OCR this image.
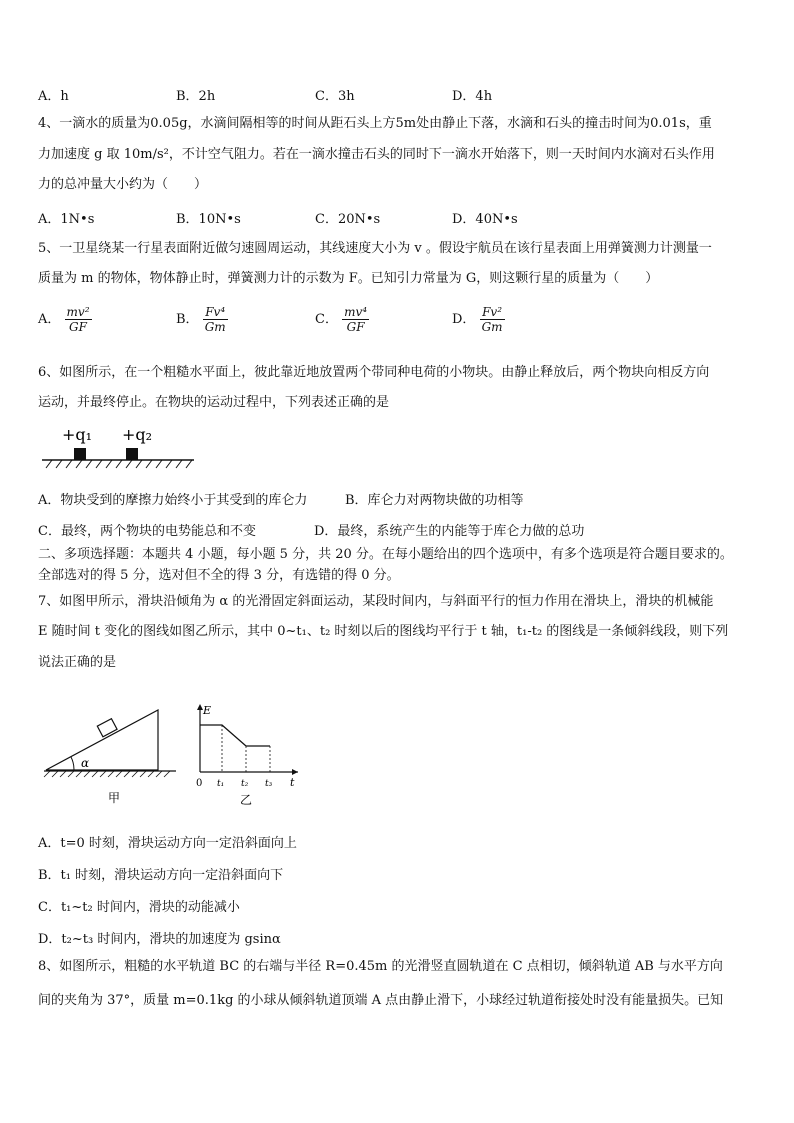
A．h	B．2h	C．3h	D．4h
4、一滴水的质量为0.05g，水滴间隔相等的时间从距石头上方5m处由静止下落，水滴和石头的撞击时间为0.01s，重
力加速度 g 取 10m/s²，不计空气阻力。若在一滴水撞击石头的同时下一滴水开始落下，则一天时间内水滴对石头作用
力的总冲量大小约为（　　）
A．1N•s	B．10N•s	C．20N•s	D．40N•s
5、一卫星绕某一行星表面附近做匀速圆周运动，其线速度大小为 v 。假设宇航员在该行星表面上用弹簧测力计测量一
质量为 m 的物体，物体静止时，弹簧测力计的示数为 F。已知引力常量为 G，则这颗行星的质量为（　　）
A． $\frac{\text{mv²}}{GF}$	B． $\frac{\text{Fv⁴}}{Gm}$	C． $\frac{\text{mv⁴}}{GF}$	D． $\frac{\text{Fv²}}{Gm}$
6、如图所示，在一个粗糙水平面上，彼此靠近地放置两个带同种电荷的小物块。由静止释放后，两个物块向相反方向
运动，并最终停止。在物块的运动过程中，下列表述正确的是
+q₁ +q₂
A．物块受到的摩擦力始终小于其受到的库仑力	B．库仑力对两物块做的功相等
C．最终，两个物块的电势能总和不变	D．最终，系统产生的内能等于库仑力做的总功
二、多项选择题：本题共 4 小题，每小题 5 分，共 20 分。在每小题给出的四个选项中，有多个选项是符合题目要求的。
全部选对的得 5 分，选对但不全的得 3 分，有选错的得 0 分。
7、如图甲所示，滑块沿倾角为 α 的光滑固定斜面运动，某段时间内，与斜面平行的恒力作用在滑块上，滑块的机械能
E 随时间 t 变化的图线如图乙所示，其中 0~t₁、t₂ 时刻以后的图线均平行于 t 轴，t₁-t₂ 的图线是一条倾斜线段，则下列
说法正确的是
α
甲
E
t
0 t₁ t₂ t₃
乙
A．t=0 时刻，滑块运动方向一定沿斜面向上
B．t₁ 时刻，滑块运动方向一定沿斜面向下
C．t₁~t₂ 时间内，滑块的动能减小
D．t₂~t₃ 时间内，滑块的加速度为 gsinα
8、如图所示，粗糙的水平轨道 BC 的右端与半径 R=0.45m 的光滑竖直圆轨道在 C 点相切，倾斜轨道 AB 与水平方向
间的夹角为 37°，质量 m=0.1kg 的小球从倾斜轨道顶端 A 点由静止滑下，小球经过轨道衔接处时没有能量损失。已知
